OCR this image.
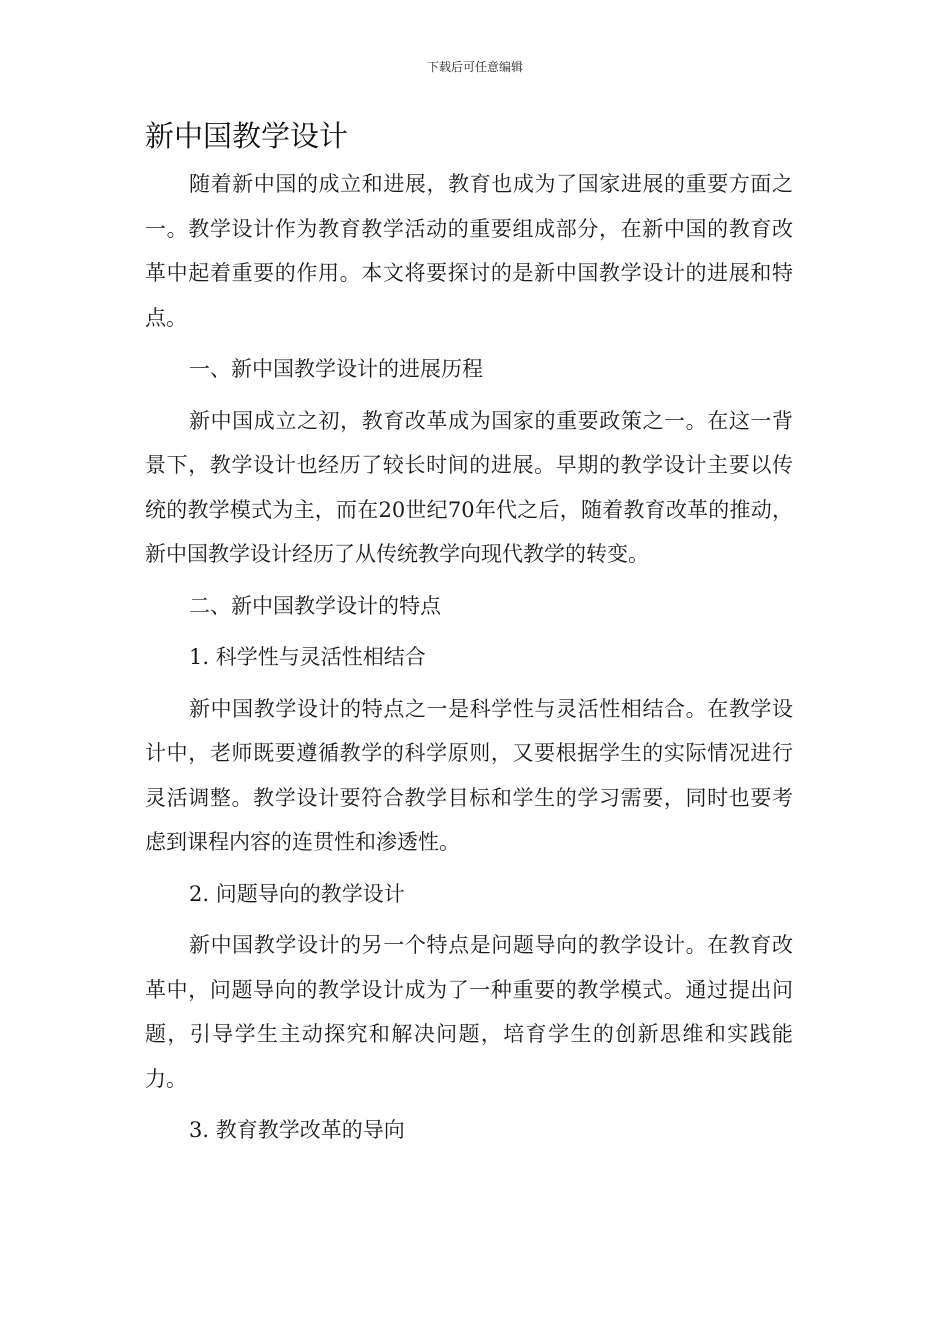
下载后可任意编辑
新中国教学设计

随着新中国的成立和进展，教育也成为了国家进展的重要方面之一。教学设计作为教育教学活动的重要组成部分，在新中国的教育改革中起着重要的作用。本文将要探讨的是新中国教学设计的进展和特点。

一、新中国教学设计的进展历程

新中国成立之初，教育改革成为国家的重要政策之一。在这一背景下，教学设计也经历了较长时间的进展。早期的教学设计主要以传统的教学模式为主，而在20世纪70年代之后，随着教育改革的推动，新中国教学设计经历了从传统教学向现代教学的转变。

二、新中国教学设计的特点

1. 科学性与灵活性相结合

新中国教学设计的特点之一是科学性与灵活性相结合。在教学设计中，老师既要遵循教学的科学原则，又要根据学生的实际情况进行灵活调整。教学设计要符合教学目标和学生的学习需要，同时也要考虑到课程内容的连贯性和渗透性。

2. 问题导向的教学设计

新中国教学设计的另一个特点是问题导向的教学设计。在教育改革中，问题导向的教学设计成为了一种重要的教学模式。通过提出问题，引导学生主动探究和解决问题，培育学生的创新思维和实践能力。

3. 教育教学改革的导向
